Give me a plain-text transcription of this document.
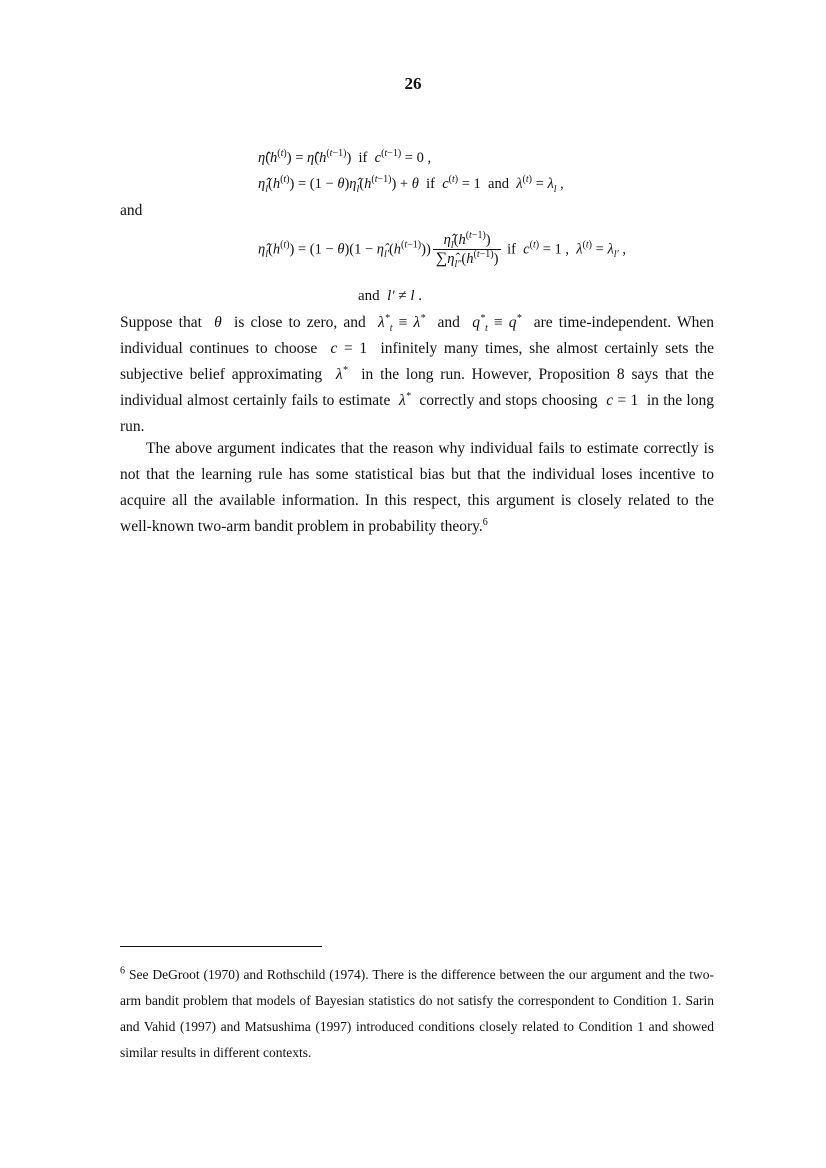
26
$\etâ(h^{(t)})$ = $\etâ(h^{(t-1)})$  if  $c^{(t-1)} = 0$ ,
$\etâ_l(h^{(t)}) = (1$ − $\theta)\etâ_l(h^{(t-1)}) + \theta$  if  $c^{(t)} = 1$  and  $\lambda^{(t)} = \lambda_l$ ,
and
$\etâ_l(h^{(t)}) = (1 - \theta)(1$ − $\etâ_{l'}(h^{(t-1)})) \frac{\etâ_l(h^{(t-1)})}{\sum\etâ_{l''}(h^{(t-1)})}$ if  $c^{(t)} = 1$ ,  $\lambda^{(t)} = \lambda_{l'}$ ,
and  l′ ≠ l .

Suppose that  θ  is close to zero, and  $\lambda^*_t \equiv \lambda^*$  and  $q^*_t \equiv q^*$  are time-independent. When individual continues to choose  c = 1  infinitely many times, she almost certainly sets the subjective belief approximating  λ*  in the long run. However, Proposition 8 says that the individual almost certainly fails to estimate  λ*  correctly and stops choosing  c = 1  in the long run.

The above argument indicates that the reason why individual fails to estimate correctly is not that the learning rule has some statistical bias but that the individual loses incentive to acquire all the available information. In this respect, this argument is closely related to the well-known two-arm bandit problem in probability theory.$^6$

$^6$ See DeGroot (1970) and Rothschild (1974). There is the difference between the our argument and the two-arm bandit problem that models of Bayesian statistics do not satisfy the correspondent to Condition 1. Sarin and Vahid (1997) and Matsushima (1997) introduced conditions closely related to Condition 1 and showed similar results in different contexts.
